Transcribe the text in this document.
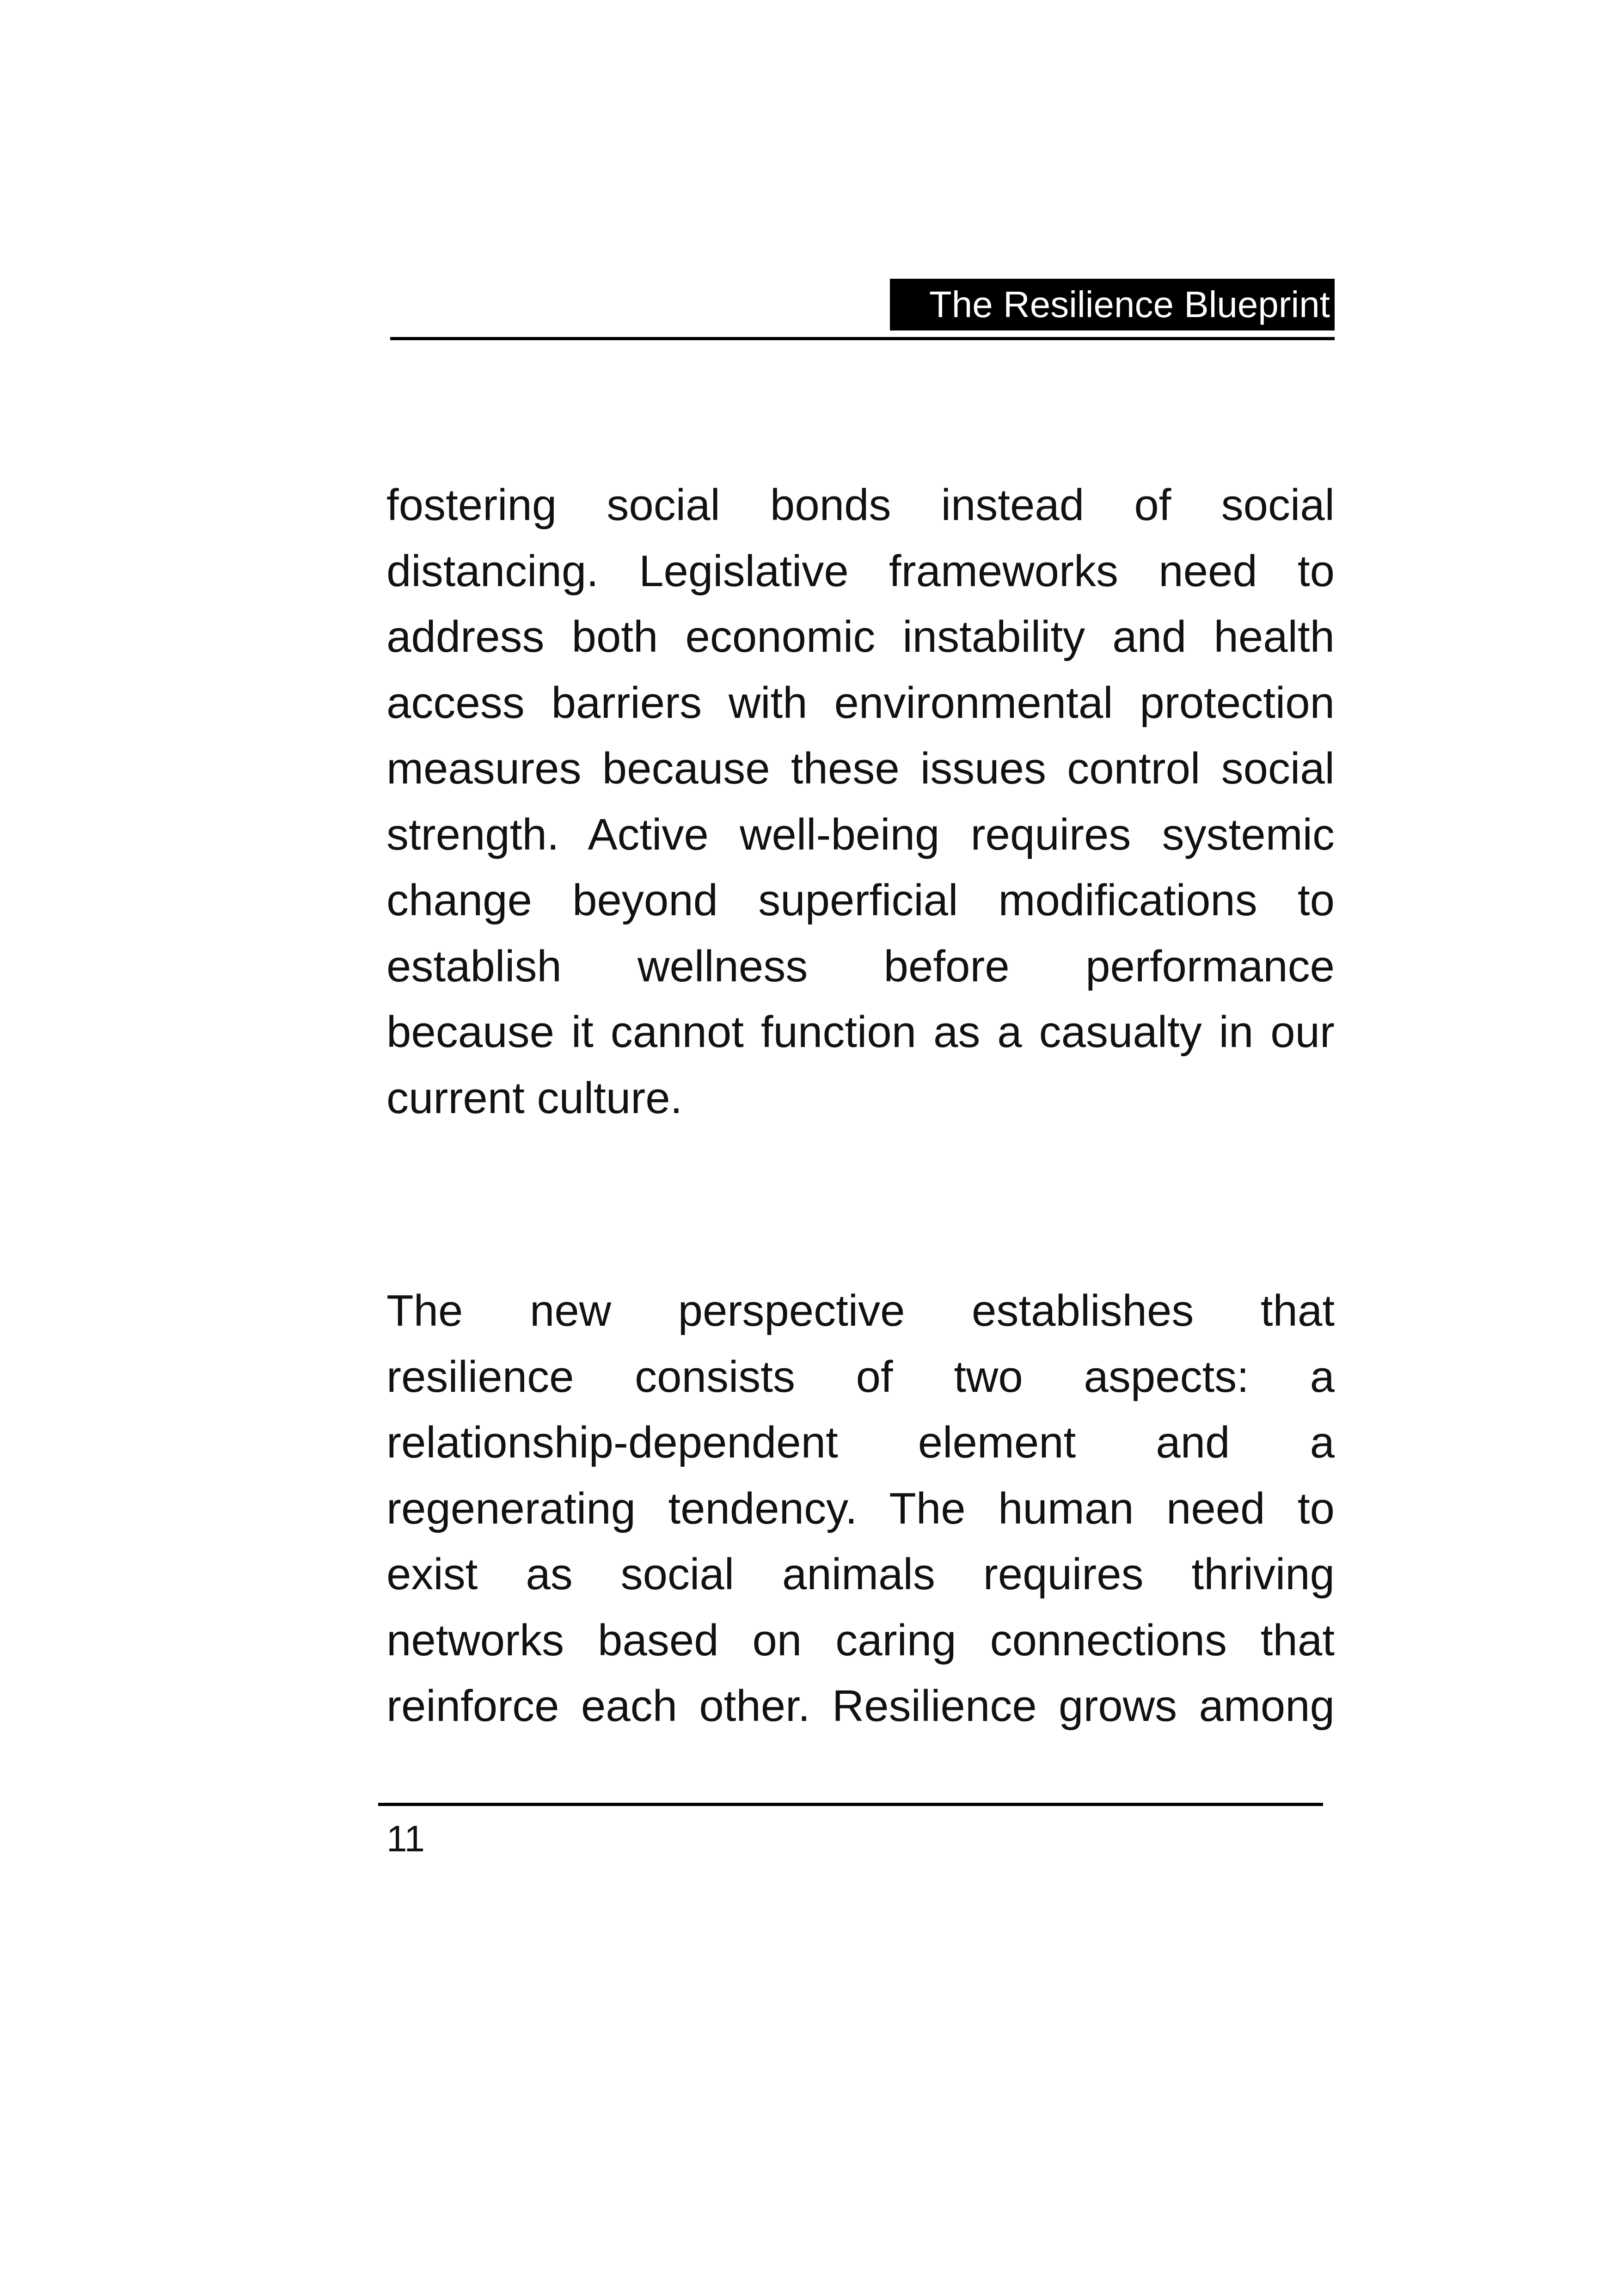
The Resilience Blueprint
fostering social bonds instead of social
distancing. Legislative frameworks need to
address both economic instability and health
access barriers with environmental protection
measures because these issues control social
strength. Active well-being requires systemic
change beyond superficial modifications to
establish wellness before performance
because it cannot function as a casualty in our
current culture.
The new perspective establishes that
resilience consists of two aspects: a
relationship-dependent element and a
regenerating tendency. The human need to
exist as social animals requires thriving
networks based on caring connections that
reinforce each other. Resilience grows among
11
